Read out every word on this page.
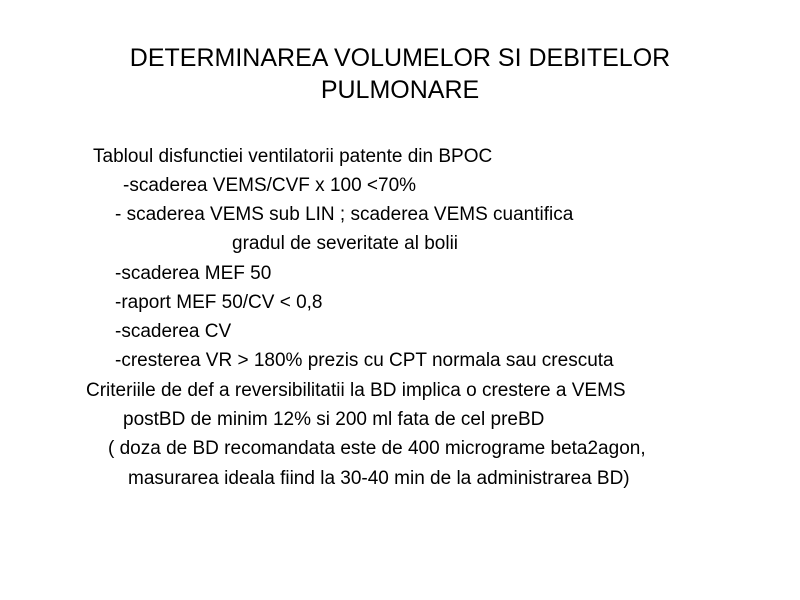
DETERMINAREA VOLUMELOR SI DEBITELOR
PULMONARE

Tabloul disfunctiei ventilatorii patente din BPOC

-scaderea VEMS/CVF x 100 <70%

- scaderea VEMS sub LIN ; scaderea VEMS cuantifica

gradul de severitate al bolii

-scaderea MEF 50

-raport MEF 50/CV < 0,8

-scaderea CV

-cresterea VR > 180% prezis cu CPT normala sau crescuta

Criteriile de def a reversibilitatii la BD implica o crestere a VEMS

postBD de minim 12% si 200 ml fata de cel preBD

( doza de BD recomandata este de 400 micrograme beta2agon,

masurarea ideala fiind la 30-40 min de la administrarea BD)
